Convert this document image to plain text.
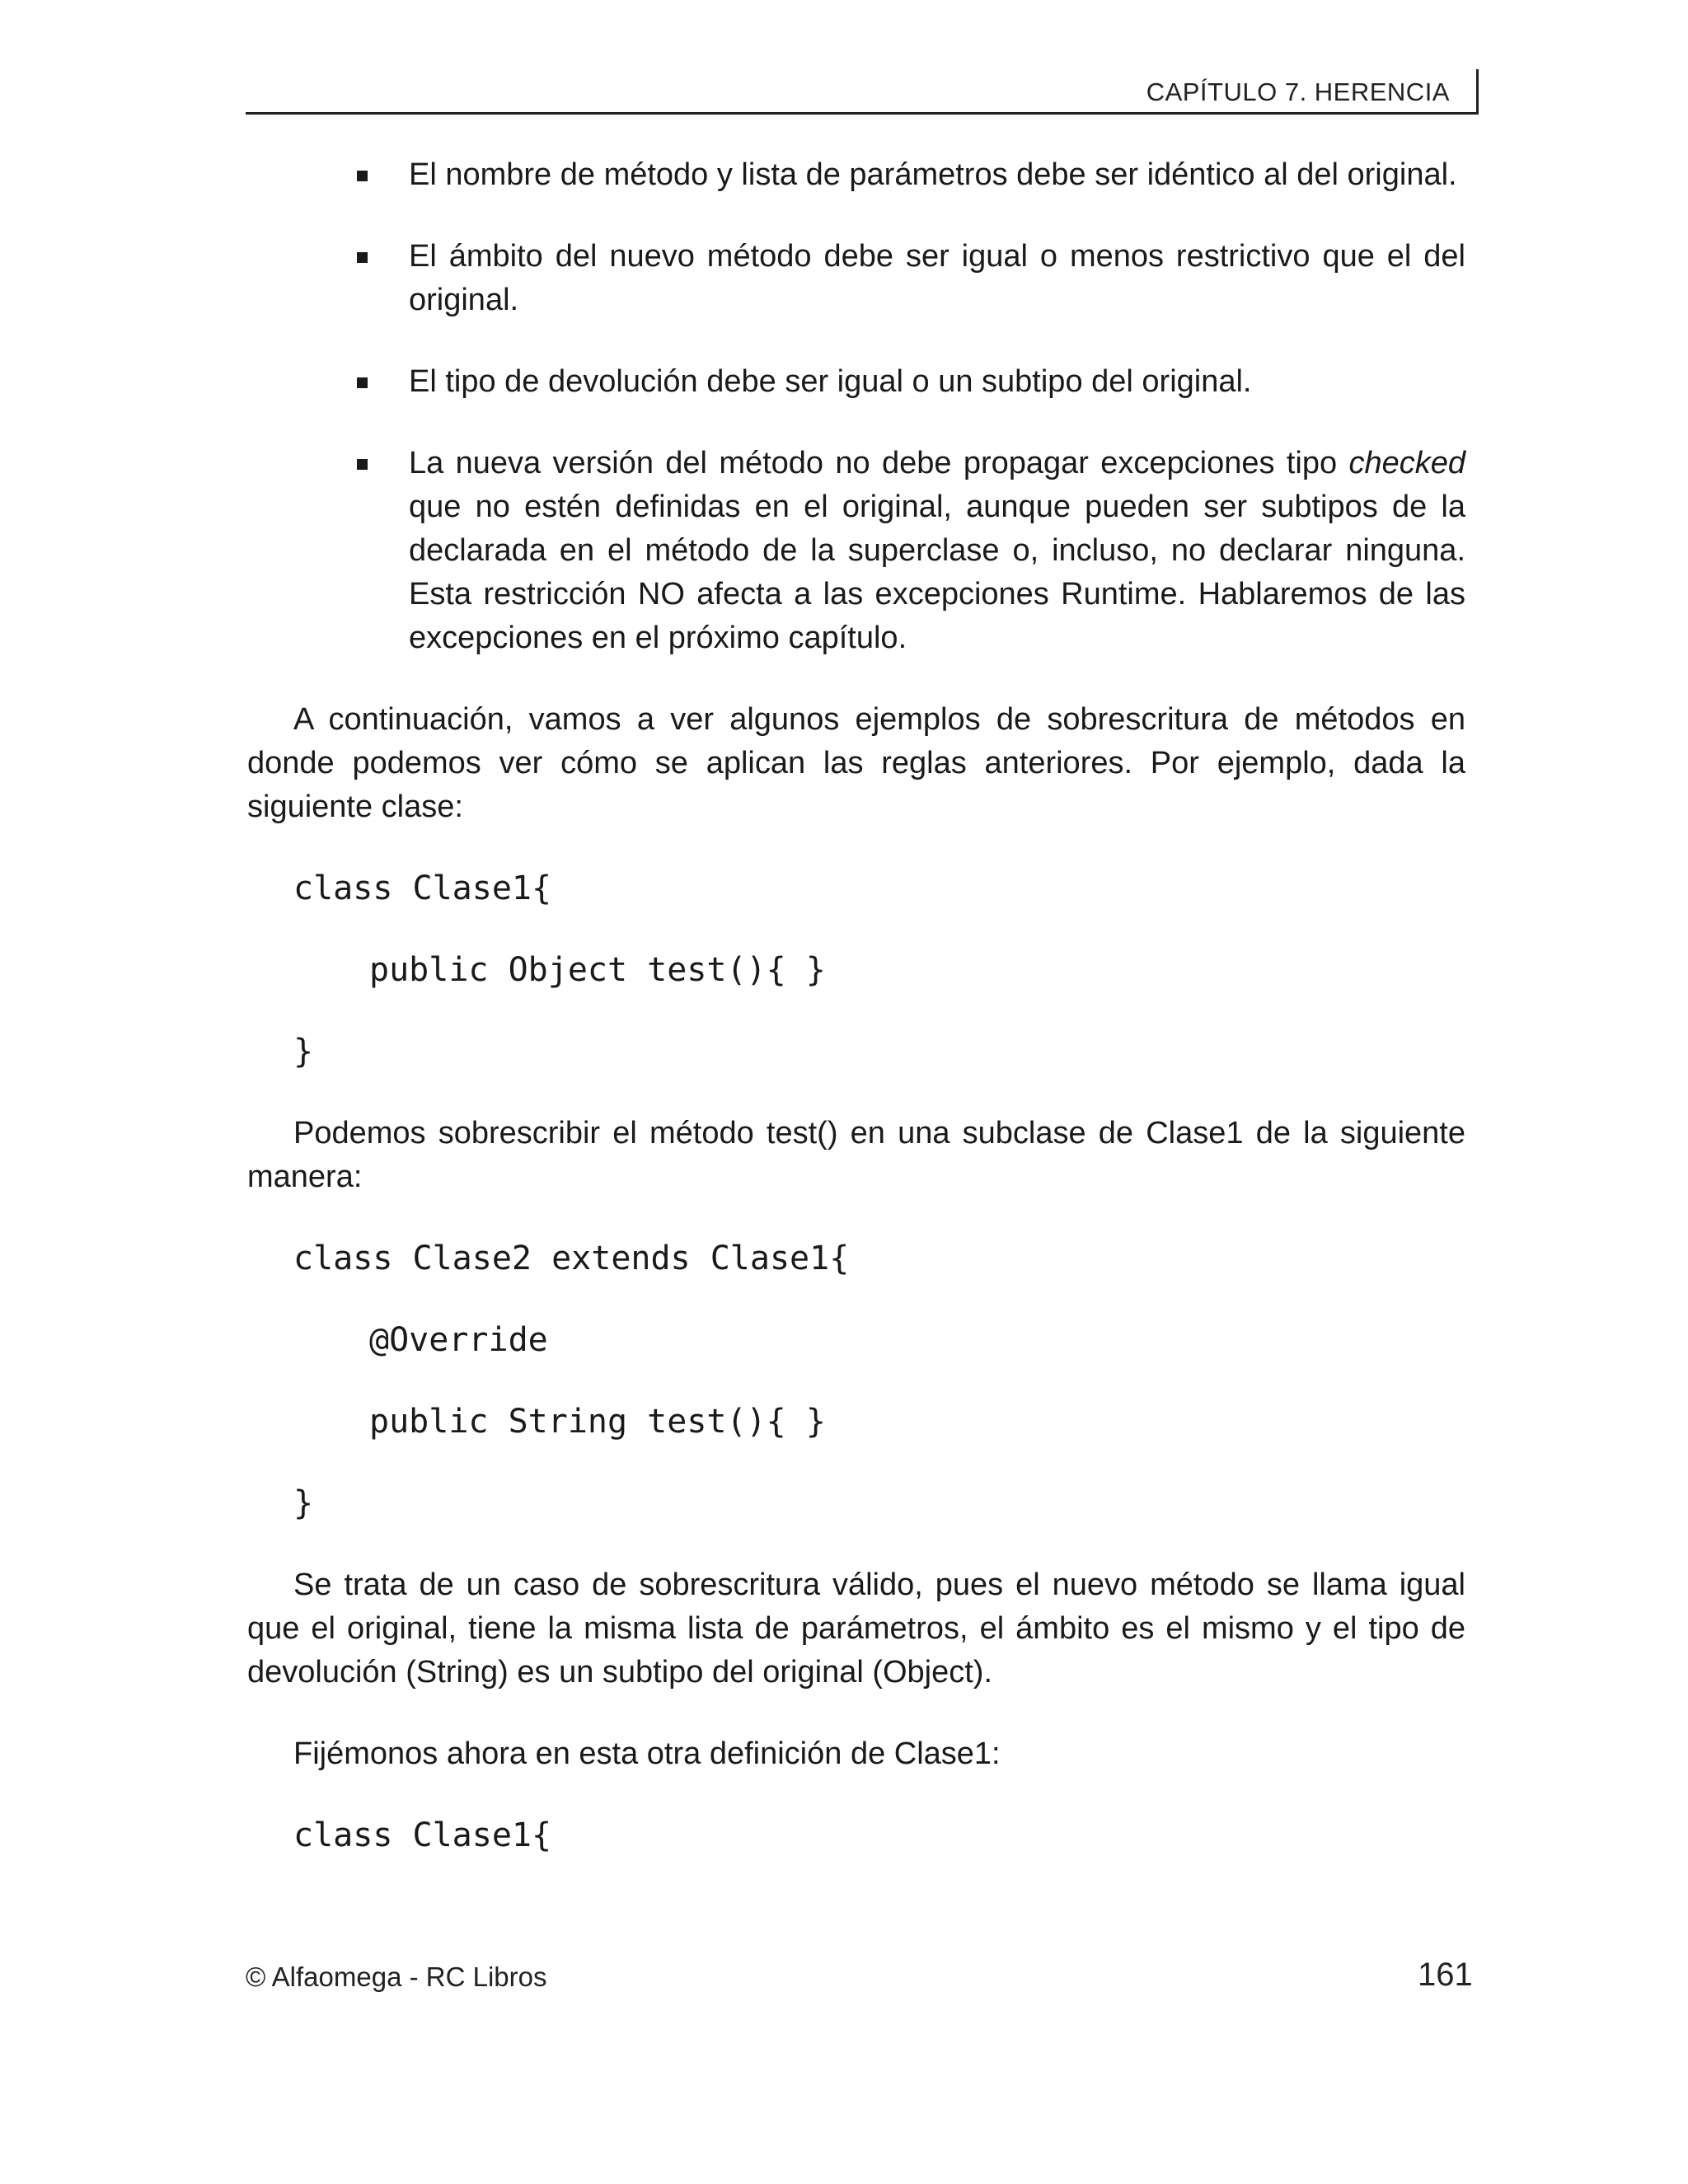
CAPÍTULO 7. HERENCIA
El nombre de método y lista de parámetros debe ser idéntico al del original.
El ámbito del nuevo método debe ser igual o menos restrictivo que el del original.
El tipo de devolución debe ser igual o un subtipo del original.
La nueva versión del método no debe propagar excepciones tipo checked que no estén definidas en el original, aunque pueden ser subtipos de la declarada en el método de la superclase o, incluso, no declarar ninguna. Esta restricción NO afecta a las excepciones Runtime. Hablaremos de las excepciones en el próximo capítulo.

A continuación, vamos a ver algunos ejemplos de sobrescritura de métodos en donde podemos ver cómo se aplican las reglas anteriores. Por ejemplo, dada la siguiente clase:

class Clase1{
public Object test(){ }
}

Podemos sobrescribir el método test() en una subclase de Clase1 de la siguiente manera:

class Clase2 extends Clase1{
@Override
public String test(){ }
}

Se trata de un caso de sobrescritura válido, pues el nuevo método se llama igual que el original, tiene la misma lista de parámetros, el ámbito es el mismo y el tipo de devolución (String) es un subtipo del original (Object).

Fijémonos ahora en esta otra definición de Clase1:

class Clase1{
© Alfaomega - RC Libros	161
